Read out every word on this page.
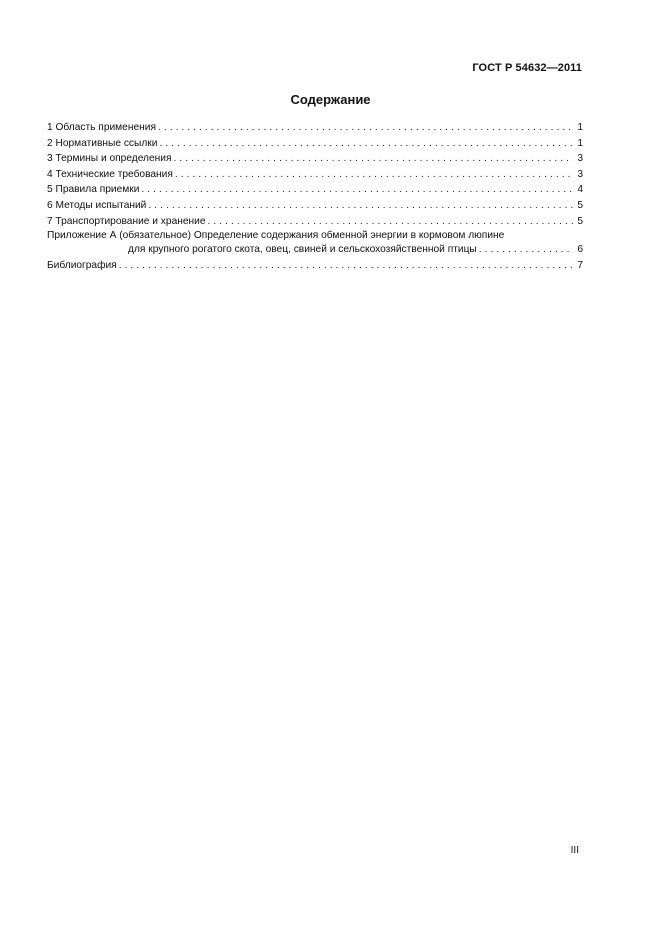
ГОСТ Р 54632—2011
Содержание
1 Область применения . . .	1
2 Нормативные ссылки . . .	1
3 Термины и определения . . .	3
4 Технические требования . . .	3
5 Правила приемки . . .	4
6 Методы испытаний . . .	5
7 Транспортирование и хранение . . .	5
Приложение А (обязательное) Определение содержания обменной энергии в кормовом люпине
для крупного рогатого скота, овец, свиней и сельскохозяйственной птицы . . .	6
Библиография . . .	7
III
